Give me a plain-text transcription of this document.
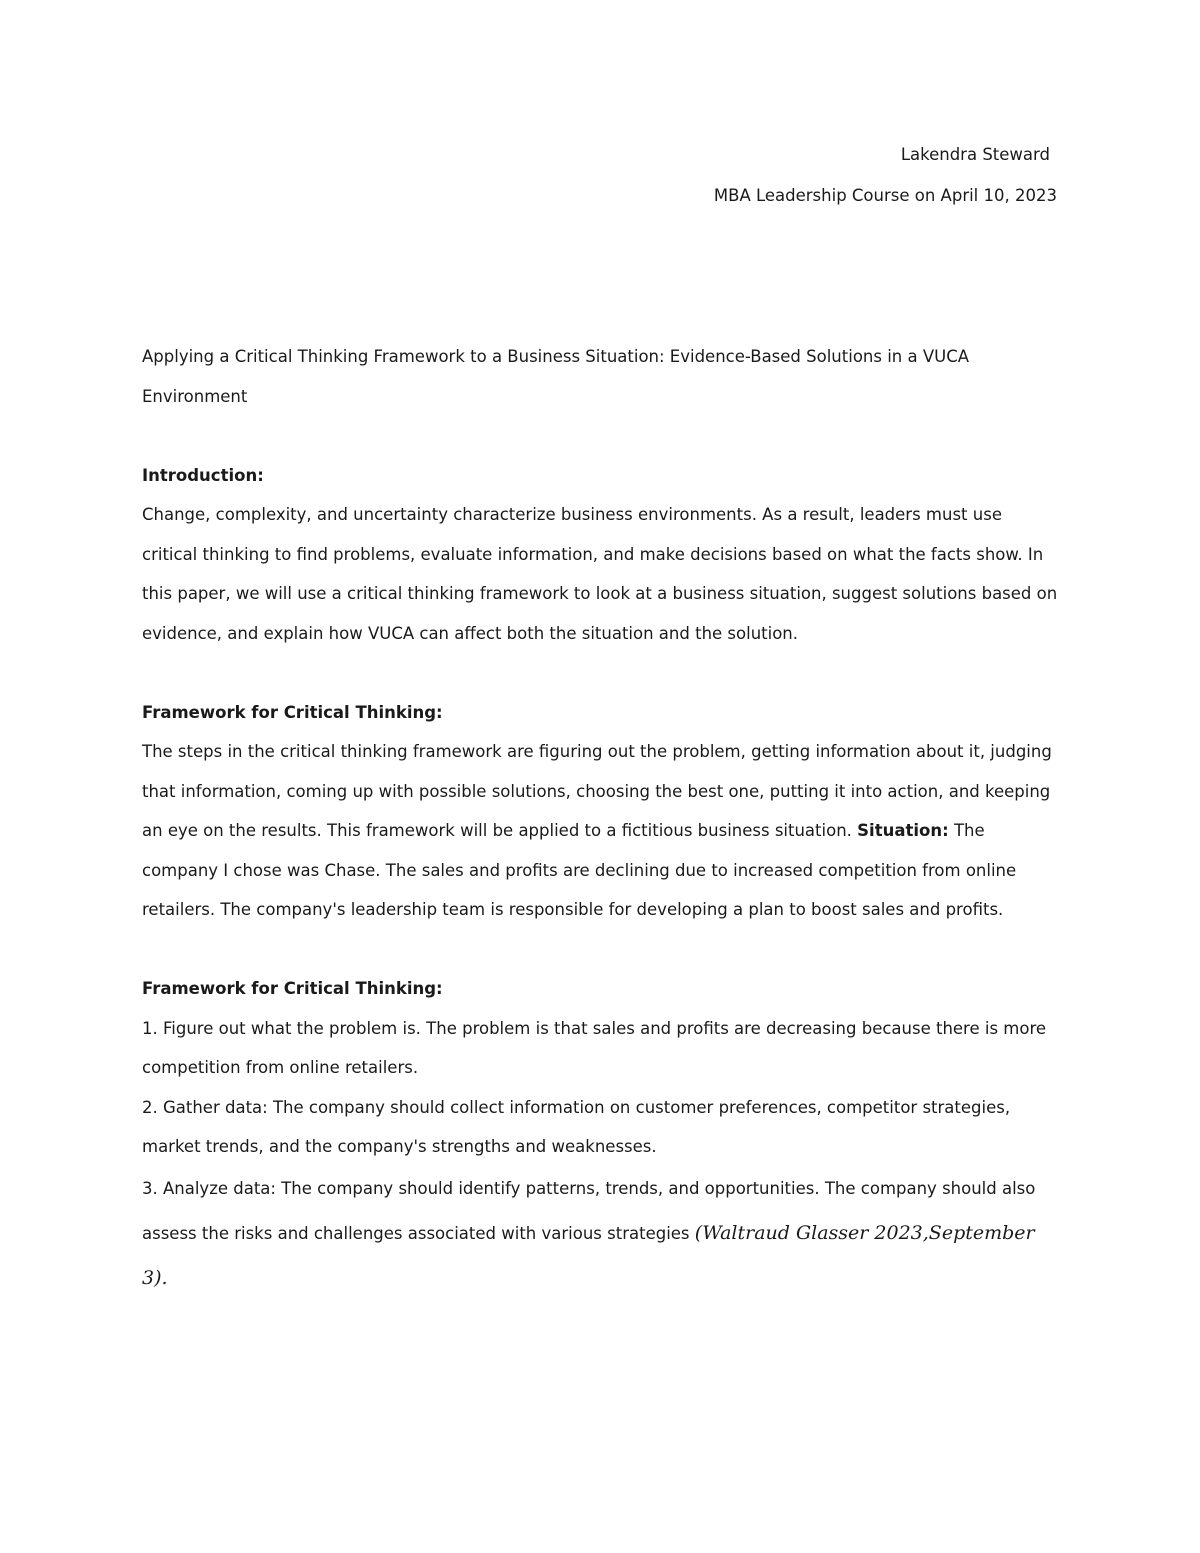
Lakendra Steward
MBA Leadership Course on April 10, 2023

Applying a Critical Thinking Framework to a Business Situation: Evidence-Based Solutions in a VUCA Environment

Introduction:

Change, complexity, and uncertainty characterize business environments. As a result, leaders must use critical thinking to find problems, evaluate information, and make decisions based on what the facts show. In this paper, we will use a critical thinking framework to look at a business situation, suggest solutions based on evidence, and explain how VUCA can affect both the situation and the solution.

Framework for Critical Thinking:

The steps in the critical thinking framework are figuring out the problem, getting information about it, judging that information, coming up with possible solutions, choosing the best one, putting it into action, and keeping an eye on the results. This framework will be applied to a fictitious business situation. Situation: The company I chose was Chase. The sales and profits are declining due to increased competition from online retailers. The company's leadership team is responsible for developing a plan to boost sales and profits.

Framework for Critical Thinking:

1. Figure out what the problem is. The problem is that sales and profits are decreasing because there is more competition from online retailers.

2. Gather data: The company should collect information on customer preferences, competitor strategies, market trends, and the company's strengths and weaknesses.

3. Analyze data: The company should identify patterns, trends, and opportunities. The company should also assess the risks and challenges associated with various strategies (Waltraud Glasser 2023,September 3).
